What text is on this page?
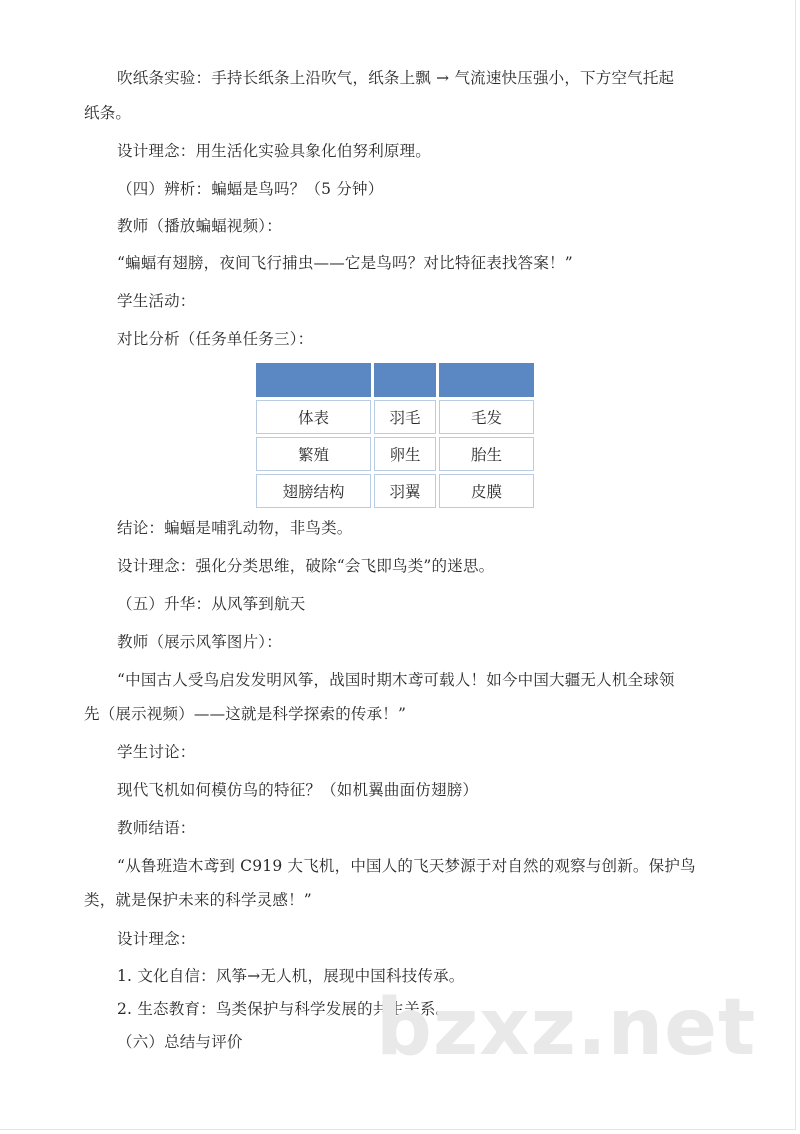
吹纸条实验：手持长纸条上沿吹气，纸条上飘 → 气流速快压强小，下方空气托起
纸条。
设计理念：用生活化实验具象化伯努利原理。
（四）辨析：蝙蝠是鸟吗？（5 分钟）
教师（播放蝙蝠视频）：
“蝙蝠有翅膀，夜间飞行捕虫——它是鸟吗？对比特征表找答案！”
学生活动：
对比分析（任务单任务三）：

体表	羽毛	毛发
繁殖	卵生	胎生
翅膀结构	羽翼	皮膜
结论：蝙蝠是哺乳动物，非鸟类。
设计理念：强化分类思维，破除“会飞即鸟类”的迷思。
（五）升华：从风筝到航天
教师（展示风筝图片）：
“中国古人受鸟启发发明风筝，战国时期木鸢可载人！如今中国大疆无人机全球领
先（展示视频）——这就是科学探索的传承！”
学生讨论：
现代飞机如何模仿鸟的特征？（如机翼曲面仿翅膀）
教师结语：
“从鲁班造木鸢到 C919 大飞机，中国人的飞天梦源于对自然的观察与创新。保护鸟
类，就是保护未来的科学灵感！”
设计理念：
1. 文化自信：风筝→无人机，展现中国科技传承。
2. 生态教育：鸟类保护与科学发展的共生关系。
（六）总结与评价 bzxz.net
